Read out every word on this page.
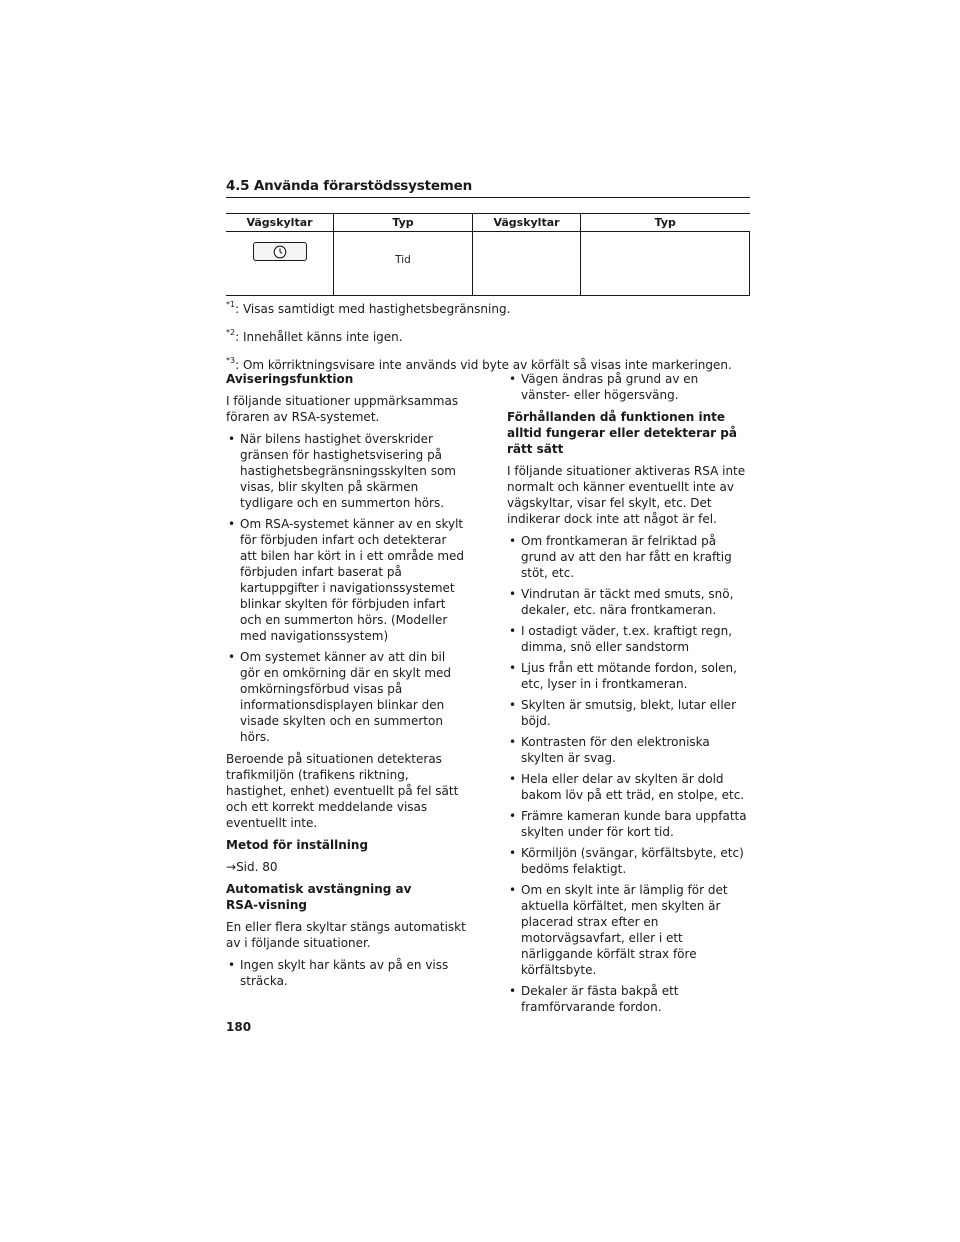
4.5 Använda förarstödssystemen
Vägskyltar	Typ	Vägskyltar	Typ

	Tid		

$^{*1}$: Visas samtidigt med hastighetsbegränsning.

$^{*2}$: Innehållet känns inte igen.

$^{*3}$: Om körriktningsvisare inte används vid byte av körfält så visas inte markeringen.

Aviseringsfunktion

I följande situationer uppmärksammas föraren av RSA-systemet.

• När bilens hastighet överskrider gränsen för hastighetsvisering på hastighetsbegränsningsskylten som visas, blir skylten på skärmen tydligare och en summerton hörs.
• Om RSA-systemet känner av en skylt för förbjuden infart och detekterar att bilen har kört in i ett område med förbjuden infart baserat på kartuppgifter i navigationssystemet blinkar skylten för förbjuden infart och en summerton hörs. (Modeller med navigationssystem)
• Om systemet känner av att din bil gör en omkörning där en skylt med omkörningsförbud visas på informationsdisplayen blinkar den visade skylten och en summerton hörs.

Beroende på situationen detekteras trafikmiljön (trafikens riktning, hastighet, enhet) eventuellt på fel sätt och ett korrekt meddelande visas eventuellt inte.

Metod för inställning

→Sid. 80

Automatisk avstängning av
RSA-visning

En eller flera skyltar stängs automatiskt av i följande situationer.

• Ingen skylt har känts av på en viss sträcka.
• Vägen ändras på grund av en vänster- eller högersväng.
Förhållanden då funktionen inte alltid fungerar eller detekterar på rätt sätt

I följande situationer aktiveras RSA inte normalt och känner eventuellt inte av vägskyltar, visar fel skylt, etc. Det indikerar dock inte att något är fel.

• Om frontkameran är felriktad på grund av att den har fått en kraftig stöt, etc.
• Vindrutan är täckt med smuts, snö, dekaler, etc. nära frontkameran.
• I ostadigt väder, t.ex. kraftigt regn, dimma, snö eller sandstorm
• Ljus från ett mötande fordon, solen, etc, lyser in i frontkameran.
• Skylten är smutsig, blekt, lutar eller böjd.
• Kontrasten för den elektroniska skylten är svag.
• Hela eller delar av skylten är dold bakom löv på ett träd, en stolpe, etc.
• Främre kameran kunde bara uppfatta skylten under för kort tid.
• Körmiljön (svängar, körfältsbyte, etc) bedöms felaktigt.
• Om en skylt inte är lämplig för det aktuella körfältet, men skylten är placerad strax efter en motorvägsavfart, eller i ett närliggande körfält strax före körfältsbyte.
• Dekaler är fästa bakpå ett framförvarande fordon.
180
